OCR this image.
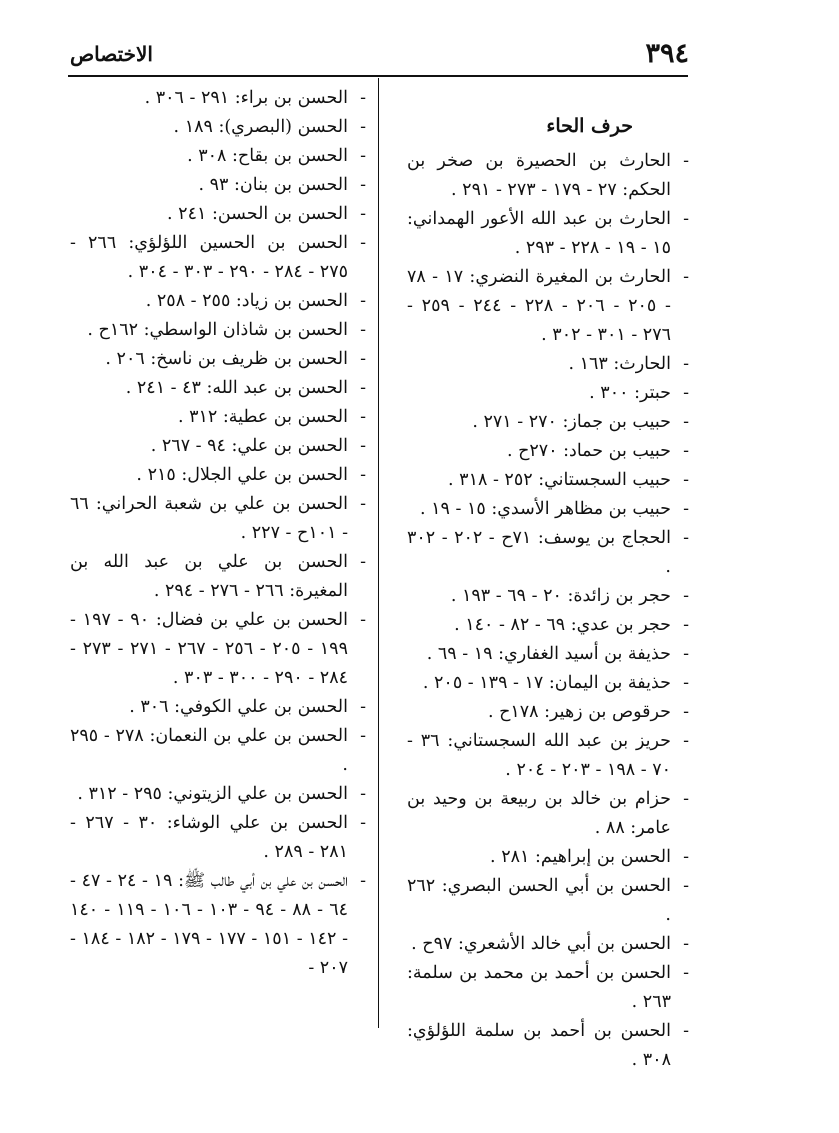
٣٩٤
الاختصاص
حرف الحاء
- الحارث بن الحصيرة بن صخر بن الحكم: ٢٧ - ١٧٩ - ٢٧٣ - ٢٩١ .
- الحارث بن عبد الله الأعور الهمداني: ١٥ - ١٩ - ٢٢٨ - ٢٩٣ .
- الحارث بن المغيرة النضري: ١٧ - ٧٨ - ٢٠٥ - ٢٠٦ - ٢٢٨ - ٢٤٤ - ٢٥٩ - ٢٧٦ - ٣٠١ - ٣٠٢ .
- الحارث: ١٦٣ .
- حبتر: ٣٠٠ .
- حبيب بن جماز: ٢٧٠ - ٢٧١ .
- حبيب بن حماد: ٢٧٠ح .
- حبيب السجستاني: ٢٥٢ - ٣١٨ .
- حبيب بن مظاهر الأسدي: ١٥ - ١٩ .
- الحجاج بن يوسف: ٧١ح - ٢٠٢ - ٣٠٢ .
- حجر بن زائدة: ٢٠ - ٦٩ - ١٩٣ .
- حجر بن عدي: ٦٩ - ٨٢ - ١٤٠ .
- حذيفة بن أسيد الغفاري: ١٩ - ٦٩ .
- حذيفة بن اليمان: ١٧ - ١٣٩ - ٢٠٥ .
- حرقوص بن زهير: ١٧٨ح .
- حريز بن عبد الله السجستاني: ٣٦ - ٧٠ - ١٩٨ - ٢٠٣ - ٢٠٤ .
- حزام بن خالد بن ربيعة بن وحيد بن عامر: ٨٨ .
- الحسن بن إبراهيم: ٢٨١ .
- الحسن بن أبي الحسن البصري: ٢٦٢ .
- الحسن بن أبي خالد الأشعري: ٩٧ح .
- الحسن بن أحمد بن محمد بن سلمة: ٢٦٣ .
- الحسن بن أحمد بن سلمة اللؤلؤي: ٣٠٨ .
- الحسن بن براء: ٢٩١ - ٣٠٦ .
- الحسن (البصري): ١٨٩ .
- الحسن بن بقاح: ٣٠٨ .
- الحسن بن بنان: ٩٣ .
- الحسن بن الحسن: ٢٤١ .
- الحسن بن الحسين اللؤلؤي: ٢٦٦ - ٢٧٥ - ٢٨٤ - ٢٩٠ - ٣٠٣ - ٣٠٤ .
- الحسن بن زياد: ٢٥٥ - ٢٥٨ .
- الحسن بن شاذان الواسطي: ١٦٢ح .
- الحسن بن ظريف بن ناسخ: ٢٠٦ .
- الحسن بن عبد الله: ٤٣ - ٢٤١ .
- الحسن بن عطية: ٣١٢ .
- الحسن بن علي: ٩٤ - ٢٦٧ .
- الحسن بن علي الجلال: ٢١٥ .
- الحسن بن علي بن شعبة الحراني: ٦٦ - ١٠١ح - ٢٢٧ .
- الحسن بن علي بن عبد الله بن المغيرة: ٢٦٦ - ٢٧٦ - ٢٩٤ .
- الحسن بن علي بن فضال: ٩٠ - ١٩٧ - ١٩٩ - ٢٠٥ - ٢٥٦ - ٢٦٧ - ٢٧١ - ٢٧٣ - ٢٨٤ - ٢٩٠ - ٣٠٠ - ٣٠٣ .
- الحسن بن علي الكوفي: ٣٠٦ .
- الحسن بن علي بن النعمان: ٢٧٨ - ٢٩٥ .
- الحسن بن علي الزيتوني: ٢٩٥ - ٣١٢ .
- الحسن بن علي الوشاء: ٣٠ - ٢٦٧ - ٢٨١ - ٢٨٩ .
- الحسن بن علي بن أبي طالب ﷺ: ١٩ - ٢٤ - ٤٧ - ٦٤ - ٨٨ - ٩٤ - ١٠٣ - ١٠٦ - ١١٩ - ١٤٠ - ١٤٢ - ١٥١ - ١٧٧ - ١٧٩ - ١٨٢ - ١٨٤ - ٢٠٧ -
